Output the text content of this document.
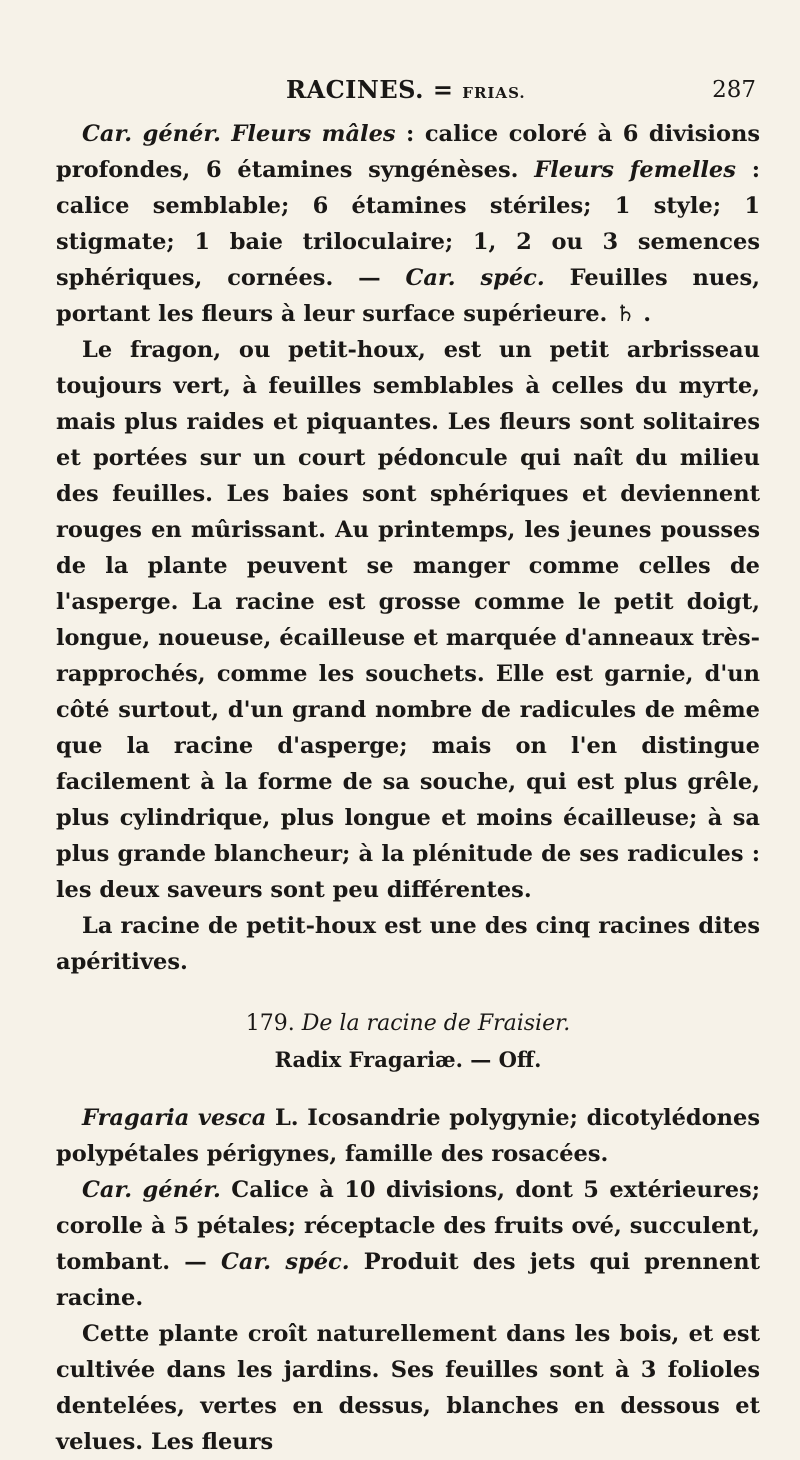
RACINES. = FRIAS.	287

Car. génér. Fleurs mâles : calice coloré à 6 divisions profondes, 6 étamines syngénèses. Fleurs femelles : calice semblable; 6 étamines stériles; 1 style; 1 stigmate; 1 baie triloculaire; 1, 2 ou 3 semences sphériques, cornées. — Car. spéc. Feuilles nues, portant les fleurs à leur surface supérieure. ♄ .

Le fragon, ou petit-houx, est un petit arbrisseau toujours vert, à feuilles semblables à celles du myrte, mais plus raides et piquantes. Les fleurs sont solitaires et portées sur un court pédoncule qui naît du milieu des feuilles. Les baies sont sphériques et deviennent rouges en mûrissant. Au printemps, les jeunes pousses de la plante peuvent se manger comme celles de l'asperge. La racine est grosse comme le petit doigt, longue, noueuse, écailleuse et marquée d'anneaux très-rapprochés, comme les souchets. Elle est garnie, d'un côté surtout, d'un grand nombre de radicules de même que la racine d'asperge; mais on l'en distingue facilement à la forme de sa souche, qui est plus grêle, plus cylindrique, plus longue et moins écailleuse; à sa plus grande blancheur; à la plénitude de ses radicules : les deux saveurs sont peu différentes.

La racine de petit-houx est une des cinq racines dites apéritives.

179. De la racine de Fraisier.
Radix Fragariæ. — Off.

Fragaria vesca L. Icosandrie polygynie; dicotylédones polypétales périgynes, famille des rosacées.

Car. génér. Calice à 10 divisions, dont 5 extérieures; corolle à 5 pétales; réceptacle des fruits ové, succulent, tombant. — Car. spéc. Produit des jets qui prennent racine.

Cette plante croît naturellement dans les bois, et est cultivée dans les jardins. Ses feuilles sont à 3 folioles dentelées, vertes en dessus, blanches en dessous et velues. Les fleurs
